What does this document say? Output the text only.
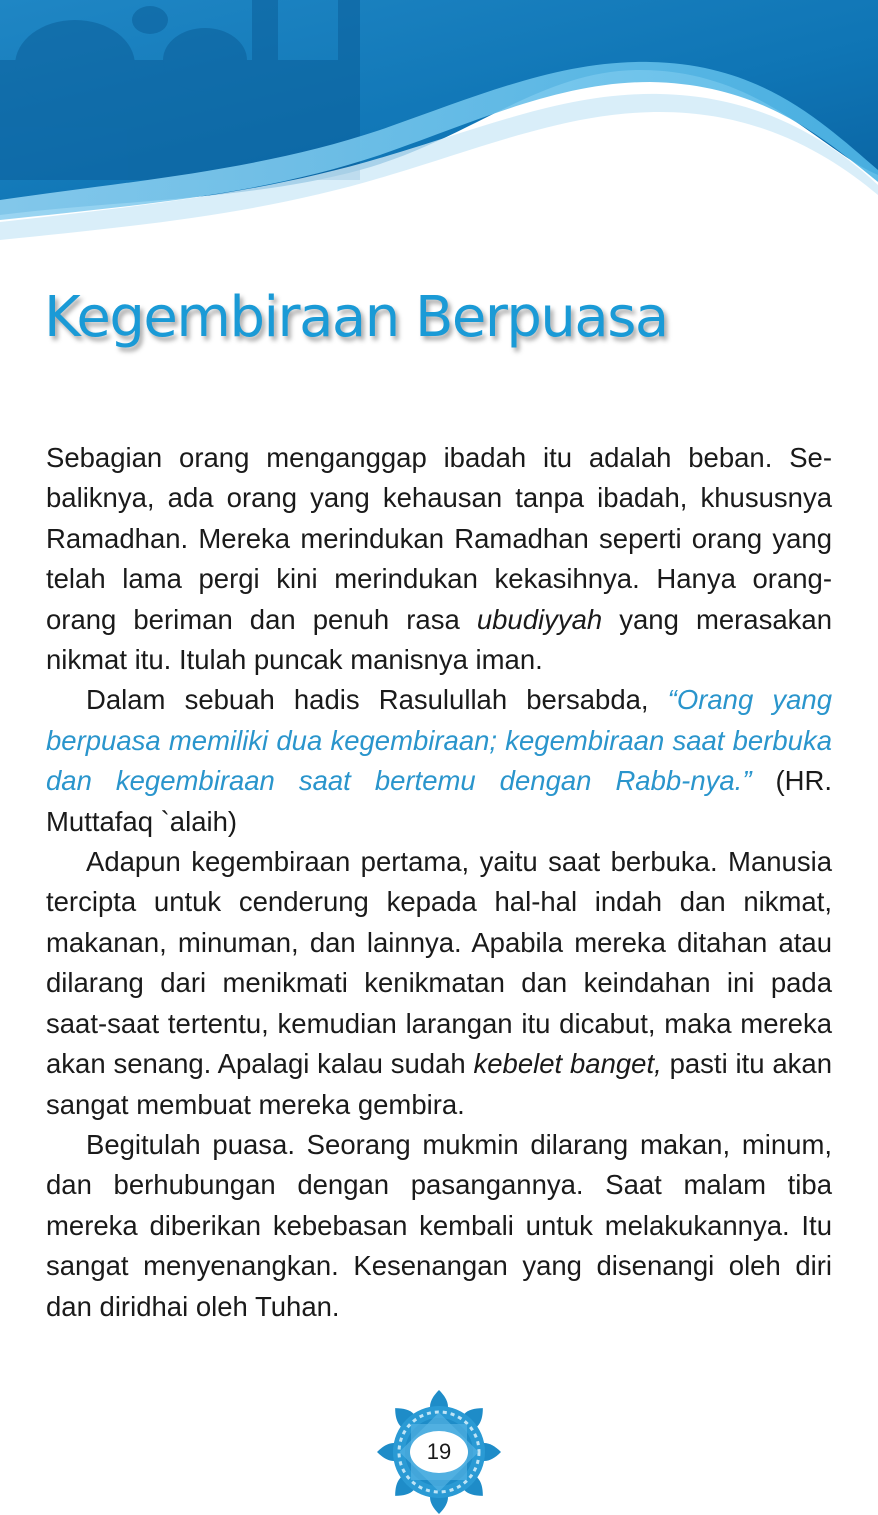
Kegembiraan Berpuasa

Sebagian orang menganggap ibadah itu adalah beban. Sebaliknya, ada orang yang kehausan tanpa ibadah, khususnya Ramadhan. Mereka merindukan Ramadhan seperti orang yang telah lama pergi kini merindukan kekasihnya. Hanya orang-orang beriman dan penuh rasa ubudiyyah yang merasakan nikmat itu. Itulah puncak manisnya iman.

Dalam sebuah hadis Rasulullah bersabda, “Orang yang berpuasa memiliki dua kegembiraan; kegembiraan saat berbuka dan kegembiraan saat bertemu dengan Rabb-nya.” (HR. Muttafaq `alaih)

Adapun kegembiraan pertama, yaitu saat berbuka. Manusia tercipta untuk cenderung kepada hal-hal indah dan nikmat, makanan, minuman, dan lainnya. Apabila mereka ditahan atau dilarang dari menikmati kenikmatan dan keindahan ini pada saat-saat tertentu, kemudian larangan itu dicabut, maka mereka akan senang. Apalagi kalau sudah kebelet banget, pasti itu akan sangat membuat mereka gembira.

Begitulah puasa. Seorang mukmin dilarang makan, minum, dan berhubungan dengan pasangannya. Saat malam tiba mereka diberikan kebebasan kembali untuk melakukannya. Itu sangat menyenangkan. Kesenangan yang disenangi oleh diri dan diridhai oleh Tuhan.

19
